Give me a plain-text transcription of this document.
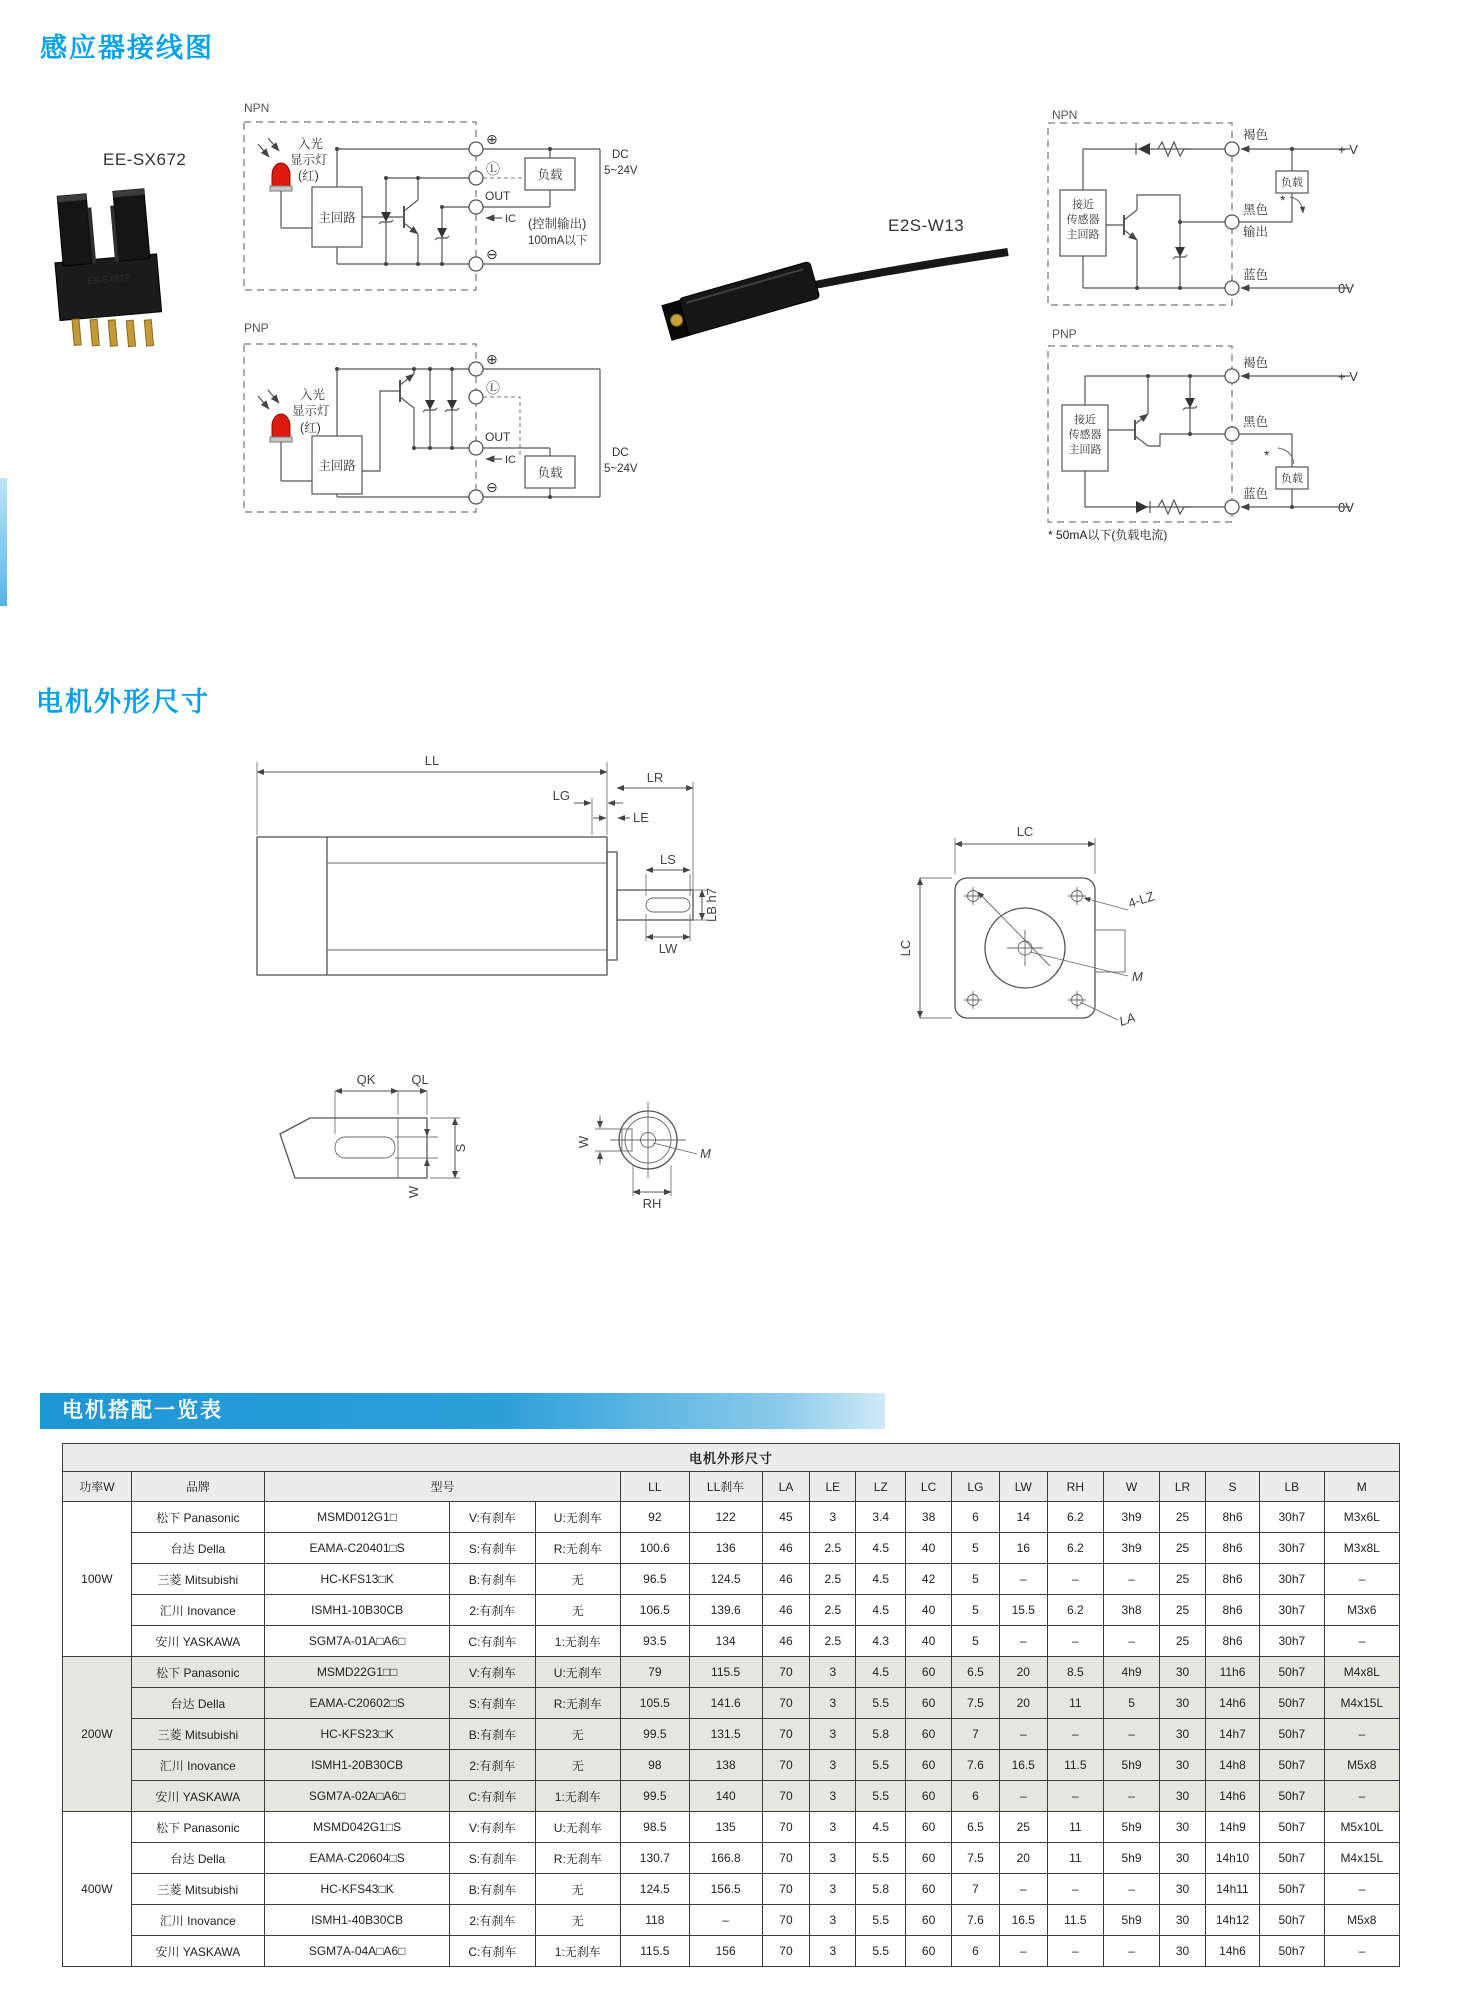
感应器接线图
EE-SX672
EE-SX672
NPN
入光
显示灯
(红)
主回路
⊕
Ⓛ
OUT
IC
⊖
负载
(控制输出)
100mA以下
DC
5~24V
PNP
入光
显示灯
(红)
主回路
⊕
Ⓛ
OUT
IC
⊖
负载
DC
5~24V
E2S-W13
NPN
接近
传感器
主回路
褐色
+ V
黑色
输出
蓝色
0V
负载
*
PNP
接近
传感器
主回路
褐色
+ V
黑色
蓝色
0V
负载
*
* 50mA以下(负载电流)
电机外形尺寸
LL
LG
LR
LE
LS
LB h7
LW
LC
LC
4-LZ
M
LA
QK	QL
W
S	W
RH
M
电机搭配一览表
电机外形尺寸																		
功率W	品牌	型号			LL	LL刹车	LA	LE	LZ	LC	LG	LW	RH	W	LR	S	LB	M
100W	松下 Panasonic	MSMD012G1□	V:有刹车	U:无刹车	92	122	45	3	3.4	38	6	14	6.2	3h9	25	8h6	30h7	M3x6L
	台达 Della	EAMA-C20401□S	S:有刹车	R:无刹车	100.6	136	46	2.5	4.5	40	5	16	6.2	3h9	25	8h6	30h7	M3x8L
	三菱 Mitsubishi	HC-KFS13□K	B:有刹车	无	96.5	124.5	46	2.5	4.5	42	5	–	–	–	25	8h6	30h7	–
	汇川 Inovance	ISMH1-10B30CB	2:有刹车	无	106.5	139.6	46	2.5	4.5	40	5	15.5	6.2	3h8	25	8h6	30h7	M3x6
	安川 YASKAWA	SGM7A-01A□A6□	C:有刹车	1:无刹车	93.5	134	46	2.5	4.3	40	5	–	–	–	25	8h6	30h7	–
200W	松下 Panasonic	MSMD22G1□□	V:有刹车	U:无刹车	79	115.5	70	3	4.5	60	6.5	20	8.5	4h9	30	11h6	50h7	M4x8L
	台达 Della	EAMA-C20602□S	S:有刹车	R:无刹车	105.5	141.6	70	3	5.5	60	7.5	20	11	5	30	14h6	50h7	M4x15L
	三菱 Mitsubishi	HC-KFS23□K	B:有刹车	无	99.5	131.5	70	3	5.8	60	7	–	–	–	30	14h7	50h7	–
	汇川 Inovance	ISMH1-20B30CB	2:有刹车	无	98	138	70	3	5.5	60	7.6	16.5	11.5	5h9	30	14h8	50h7	M5x8
	安川 YASKAWA	SGM7A-02A□A6□	C:有刹车	1:无刹车	99.5	140	70	3	5.5	60	6	–	–	–	30	14h6	50h7	–
400W	松下 Panasonic	MSMD042G1□S	V:有刹车	U:无刹车	98.5	135	70	3	4.5	60	6.5	25	11	5h9	30	14h9	50h7	M5x10L
	台达 Della	EAMA-C20604□S	S:有刹车	R:无刹车	130.7	166.8	70	3	5.5	60	7.5	20	11	5h9	30	14h10	50h7	M4x15L
	三菱 Mitsubishi	HC-KFS43□K	B:有刹车	无	124.5	156.5	70	3	5.8	60	7	–	–	–	30	14h11	50h7	–
	汇川 Inovance	ISMH1-40B30CB	2:有刹车	无	118	–	70	3	5.5	60	7.6	16.5	11.5	5h9	30	14h12	50h7	M5x8
	安川 YASKAWA	SGM7A-04A□A6□	C:有刹车	1:无刹车	115.5	156	70	3	5.5	60	6	–	–	–	30	14h6	50h7	–
